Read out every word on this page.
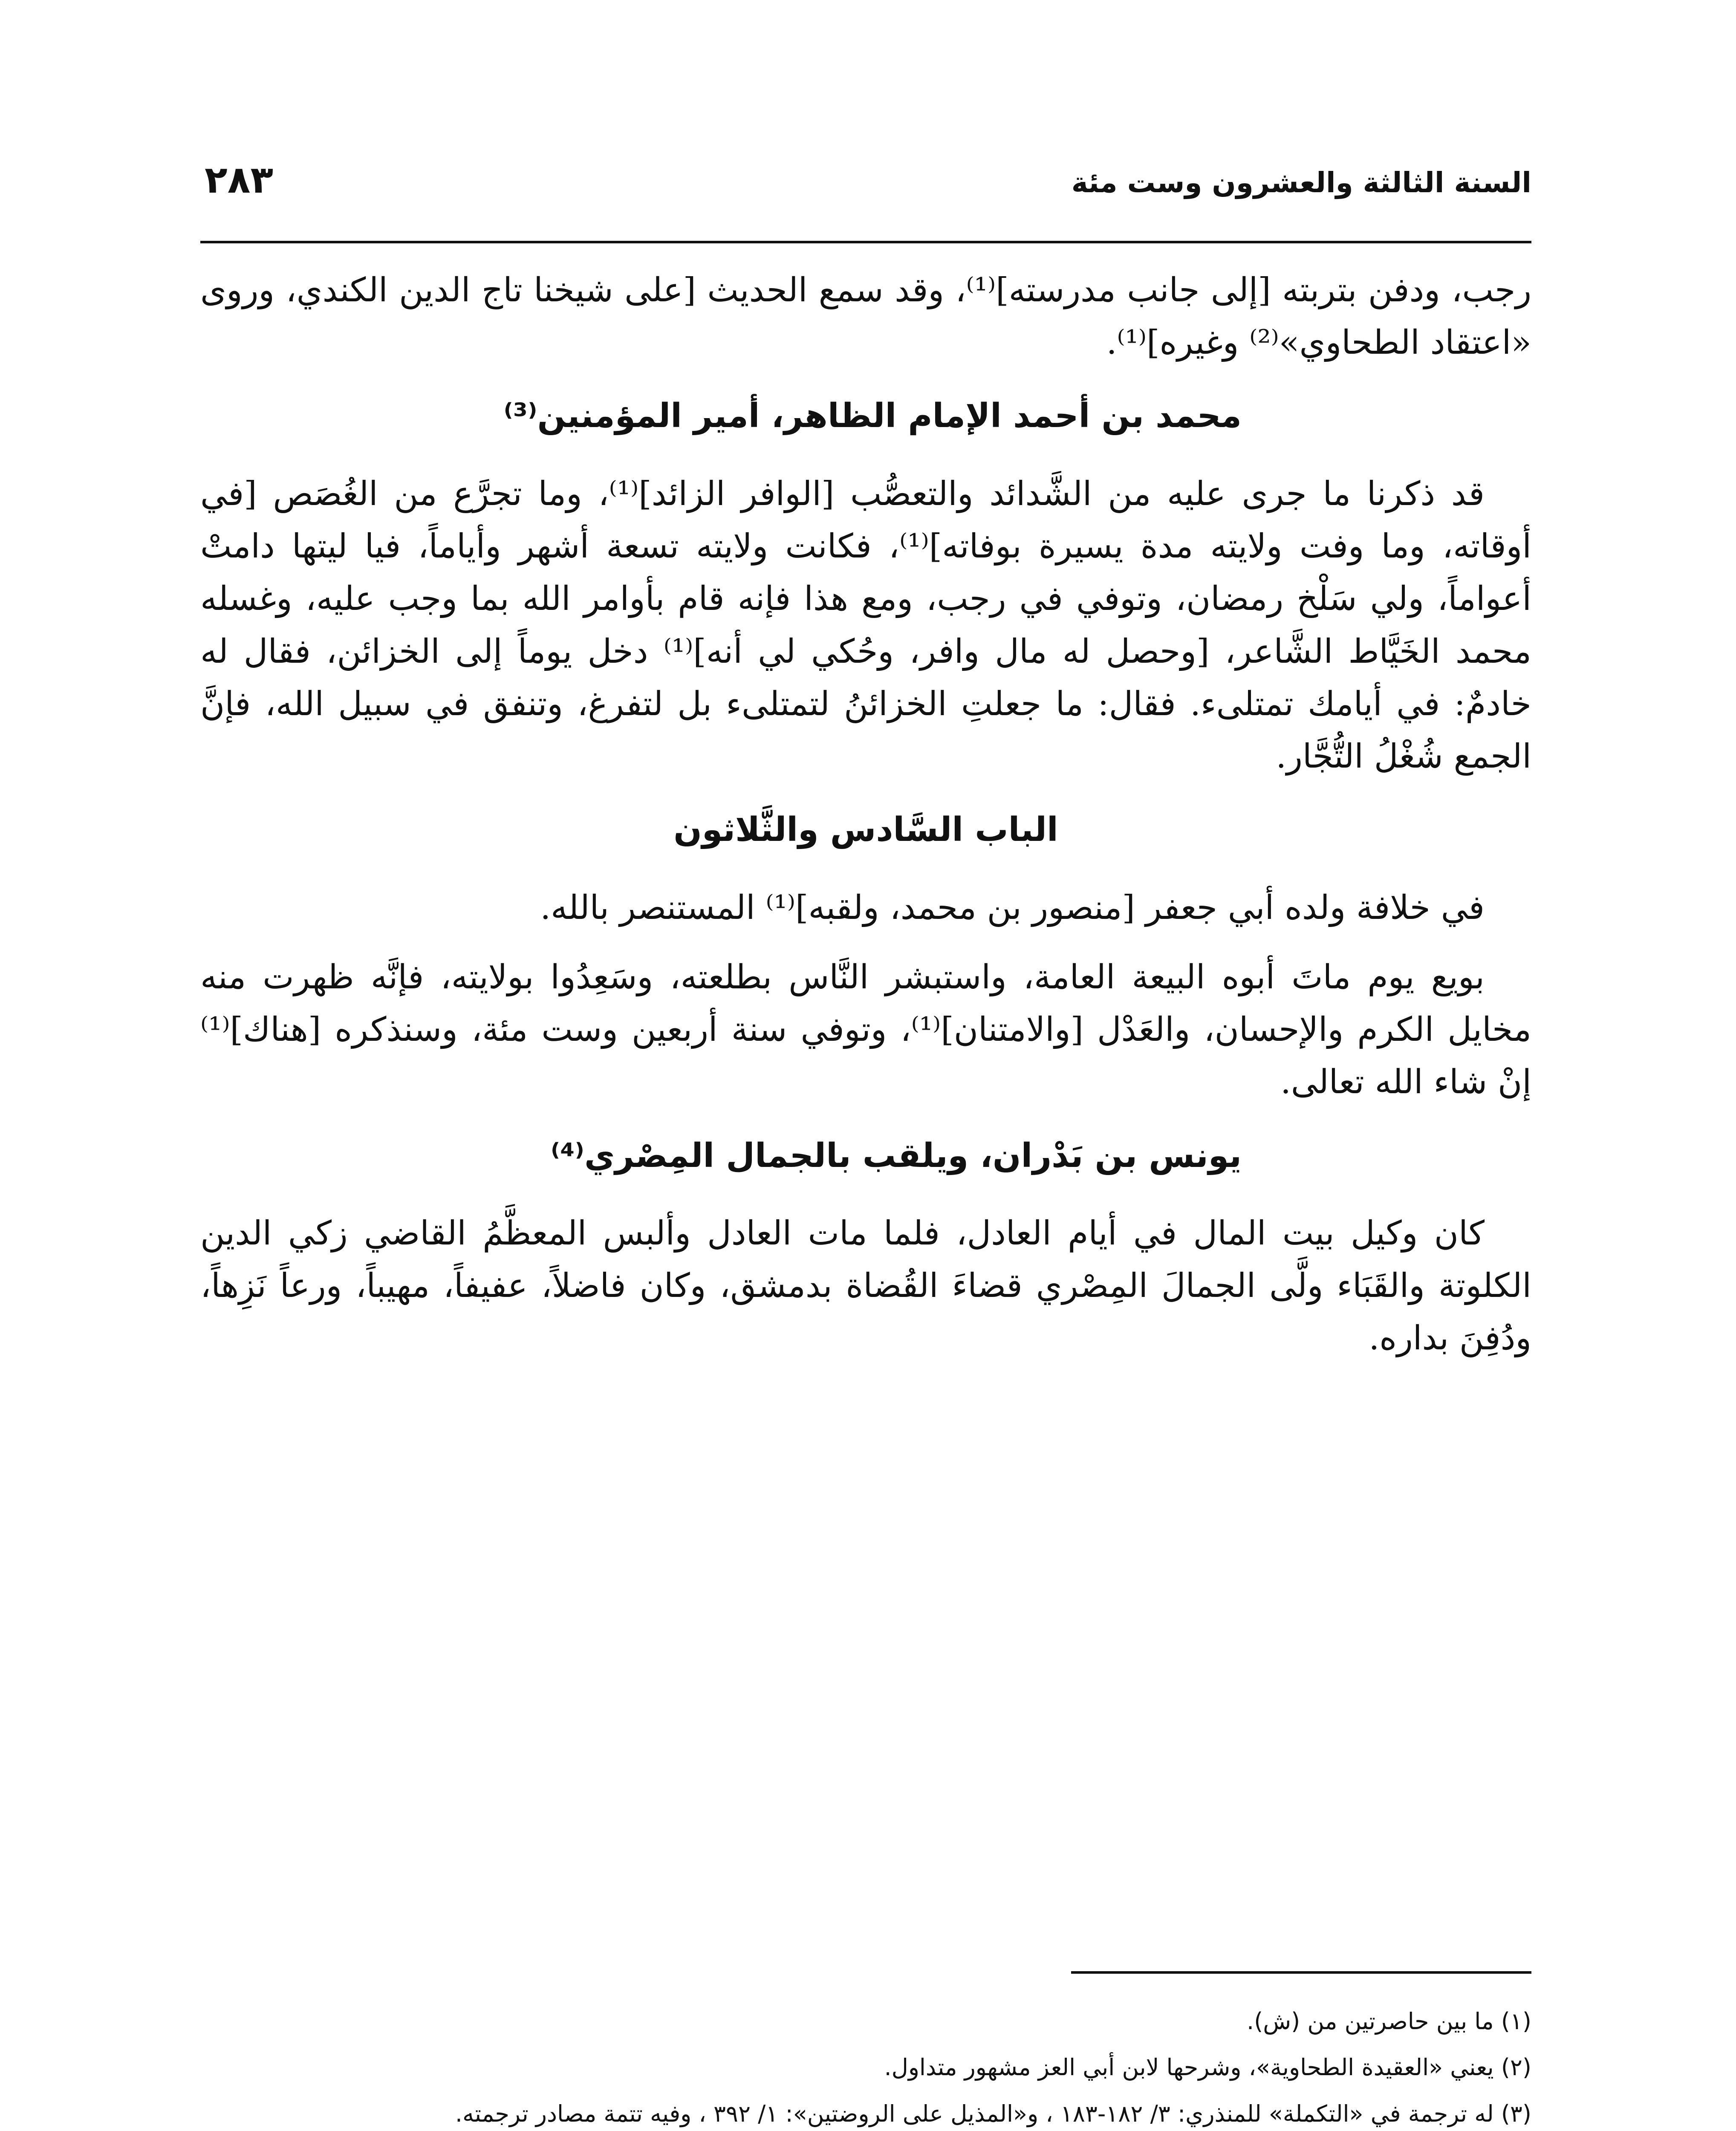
السنة الثالثة والعشرون وست مئة
٢٨٣

رجب، ودفن بتربته [إلى جانب مدرسته]⁽¹⁾، وقد سمع الحديث [على شيخنا تاج الدين الكندي، وروى «اعتقاد الطحاوي»⁽²⁾ وغيره]⁽¹⁾.

محمد بن أحمد الإمام الظاهر، أمير المؤمنين⁽³⁾

قد ذكرنا ما جرى عليه من الشَّدائد والتعصُّب [الوافر الزائد]⁽¹⁾، وما تجرَّع من الغُصَص [في أوقاته، وما وفت ولايته مدة يسيرة بوفاته]⁽¹⁾، فكانت ولايته تسعة أشهر وأياماً، فيا ليتها دامتْ أعواماً، ولي سَلْخ رمضان، وتوفي في رجب، ومع هذا فإنه قام بأوامر الله بما وجب عليه، وغسله محمد الخَيَّاط الشَّاعر، [وحصل له مال وافر، وحُكي لي أنه]⁽¹⁾ دخل يوماً إلى الخزائن، فقال له خادمٌ: في أيامك تمتلىء. فقال: ما جعلتِ الخزائنُ لتمتلىء بل لتفرغ، وتنفق في سبيل الله، فإنَّ الجمع شُغْلُ التُّجَّار.

الباب السَّادس والثَّلاثون

في خلافة ولده أبي جعفر [منصور بن محمد، ولقبه]⁽¹⁾ المستنصر بالله.

بويع يوم ماتَ أبوه البيعة العامة، واستبشر النَّاس بطلعته، وسَعِدُوا بولايته، فإنَّه ظهرت منه مخايل الكرم والإحسان، والعَدْل [والامتنان]⁽¹⁾، وتوفي سنة أربعين وست مئة، وسنذكره [هناك]⁽¹⁾ إنْ شاء الله تعالى.

يونس بن بَدْران، ويلقب بالجمال المِصْري⁽⁴⁾

كان وكيل بيت المال في أيام العادل، فلما مات العادل وألبس المعظَّمُ القاضي زكي الدين الكلوتة والقَبَاء ولَّى الجمالَ المِصْري قضاءَ القُضاة بدمشق، وكان فاضلاً، عفيفاً، مهيباً، ورعاً نَزِهاً، ودُفِنَ بداره.

(١) ما بين حاصرتين من (ش).

(٢) يعني «العقيدة الطحاوية»، وشرحها لابن أبي العز مشهور متداول.

(٣) له ترجمة في «التكملة» للمنذري: ٣/ ١٨٢-١٨٣ ، و«المذيل على الروضتين»: ١/ ٣٩٢ ، وفيه تتمة مصادر ترجمته.
